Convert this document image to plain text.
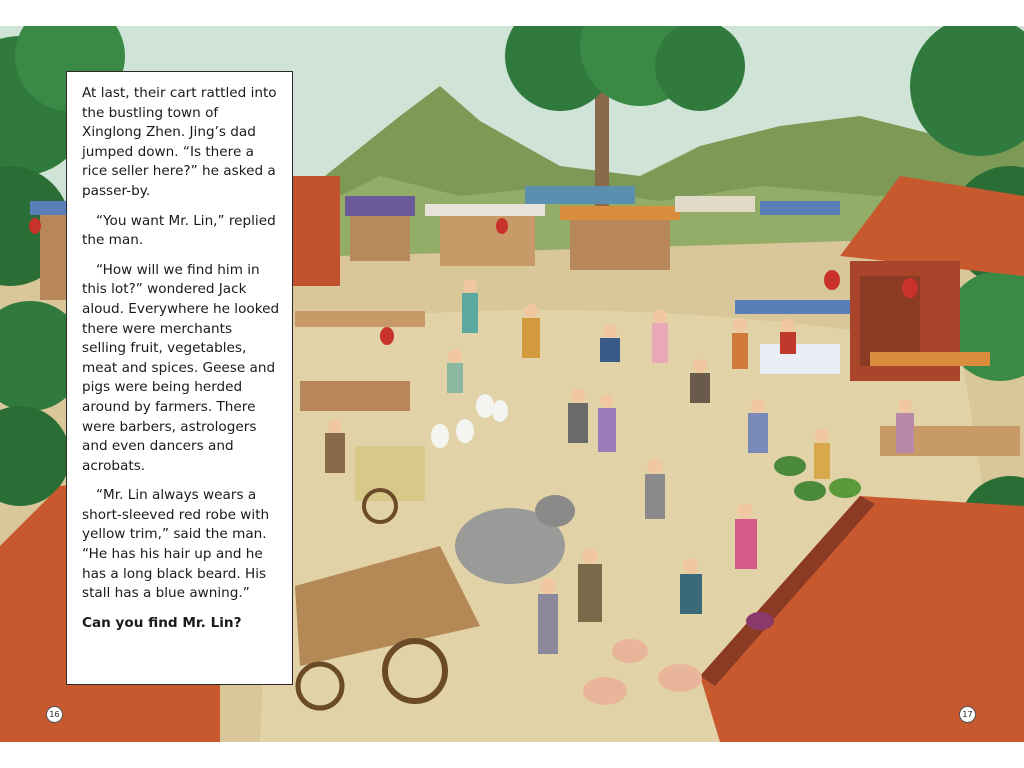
At last, their cart rattled into the bustling town of Xinglong Zhen. Jing’s dad jumped down. “Is there a rice seller here?” he asked a passer-by.

“You want Mr. Lin,” replied the man.

“How will we find him in this lot?” wondered Jack aloud. Everywhere he looked there were merchants selling fruit, vegetables, meat and spices. Geese and pigs were being herded around by farmers. There were barbers, astrologers and even dancers and acrobats.

“Mr. Lin always wears a short-sleeved red robe with yellow trim,” said the man. “He has his hair up and he has a long black beard. His stall has a blue awning.”

Can you find Mr. Lin?

16	17
